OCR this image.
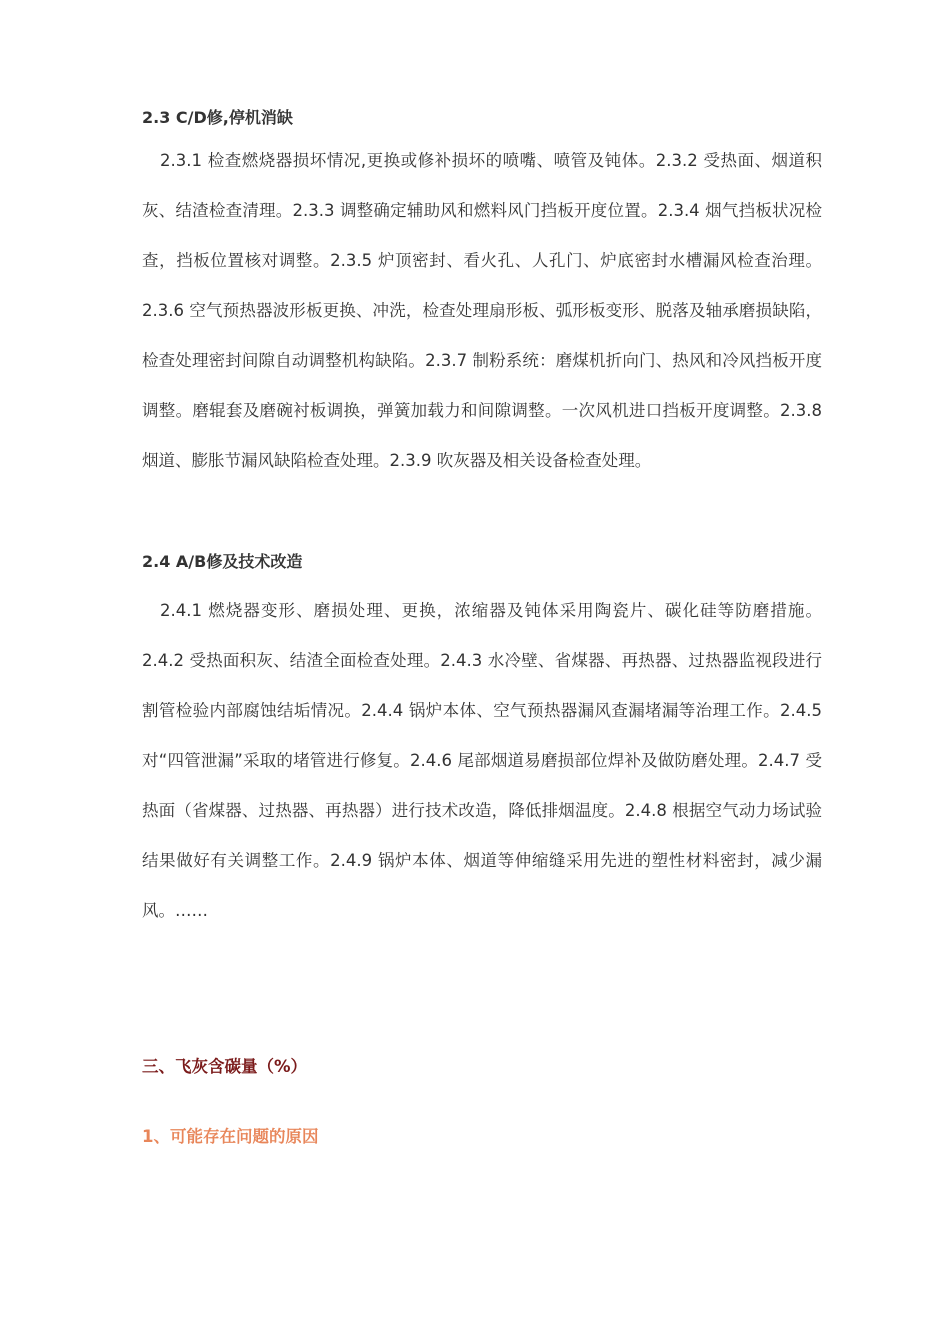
2.3 C/D修,停机消缺

2.3.1 检查燃烧器损坏情况,更换或修补损坏的喷嘴、喷管及钝体。2.3.2 受热面、烟道积灰、结渣检查清理。2.3.3 调整确定辅助风和燃料风门挡板开度位置。2.3.4 烟气挡板状况检查，挡板位置核对调整。2.3.5 炉顶密封、看火孔、人孔门、炉底密封水槽漏风检查治理。2.3.6 空气预热器波形板更换、冲洗，检查处理扇形板、弧形板变形、脱落及轴承磨损缺陷，检查处理密封间隙自动调整机构缺陷。2.3.7 制粉系统：磨煤机折向门、热风和冷风挡板开度调整。磨辊套及磨碗衬板调换，弹簧加载力和间隙调整。一次风机进口挡板开度调整。2.3.8 烟道、膨胀节漏风缺陷检查处理。2.3.9 吹灰器及相关设备检查处理。

2.4 A/B修及技术改造

2.4.1 燃烧器变形、磨损处理、更换，浓缩器及钝体采用陶瓷片、碳化硅等防磨措施。2.4.2 受热面积灰、结渣全面检查处理。2.4.3 水冷壁、省煤器、再热器、过热器监视段进行割管检验内部腐蚀结垢情况。2.4.4 锅炉本体、空气预热器漏风查漏堵漏等治理工作。2.4.5 对“四管泄漏”采取的堵管进行修复。2.4.6 尾部烟道易磨损部位焊补及做防磨处理。2.4.7 受热面（省煤器、过热器、再热器）进行技术改造，降低排烟温度。2.4.8 根据空气动力场试验结果做好有关调整工作。2.4.9 锅炉本体、烟道等伸缩缝采用先进的塑性材料密封，减少漏风。……

三、飞灰含碳量（%）
1、可能存在问题的原因
